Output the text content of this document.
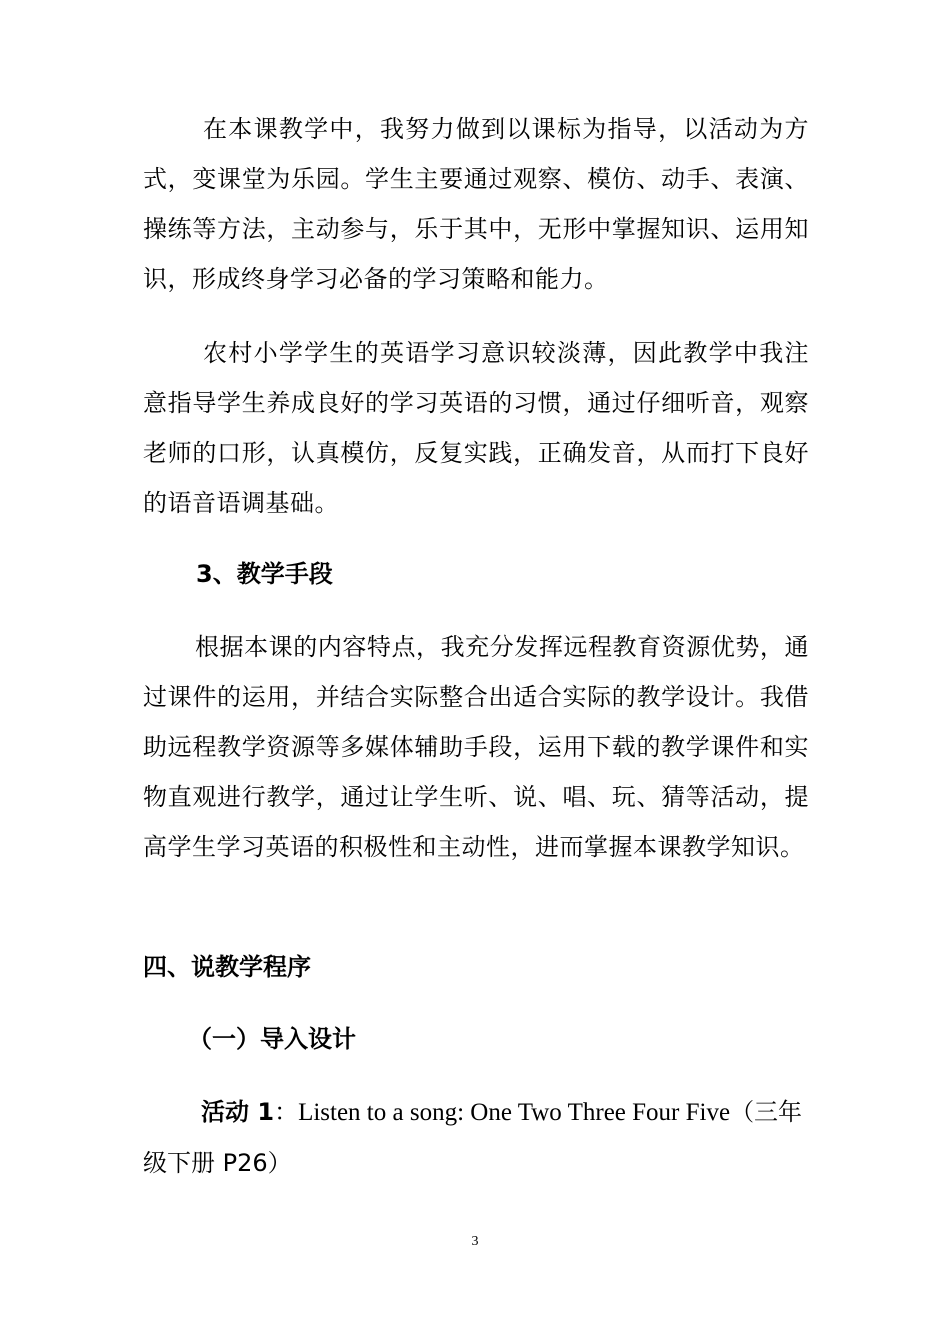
在本课教学中，我努力做到以课标为指导，以活动为方式，变课堂为乐园。学生主要通过观察、模仿、动手、表演、操练等方法，主动参与，乐于其中，无形中掌握知识、运用知识，形成终身学习必备的学习策略和能力。

农村小学学生的英语学习意识较淡薄，因此教学中我注意指导学生养成良好的学习英语的习惯，通过仔细听音，观察老师的口形，认真模仿，反复实践，正确发音，从而打下良好的语音语调基础。

3、教学手段

根据本课的内容特点，我充分发挥远程教育资源优势，通过课件的运用，并结合实际整合出适合实际的教学设计。我借助远程教学资源等多媒体辅助手段，运用下载的教学课件和实物直观进行教学，通过让学生听、说、唱、玩、猜等活动，提高学生学习英语的积极性和主动性，进而掌握本课教学知识。

四、说教学程序

（一）导入设计

活动 1：Listen to a song: One Two Three Four Five（三年级下册 P26）

3
